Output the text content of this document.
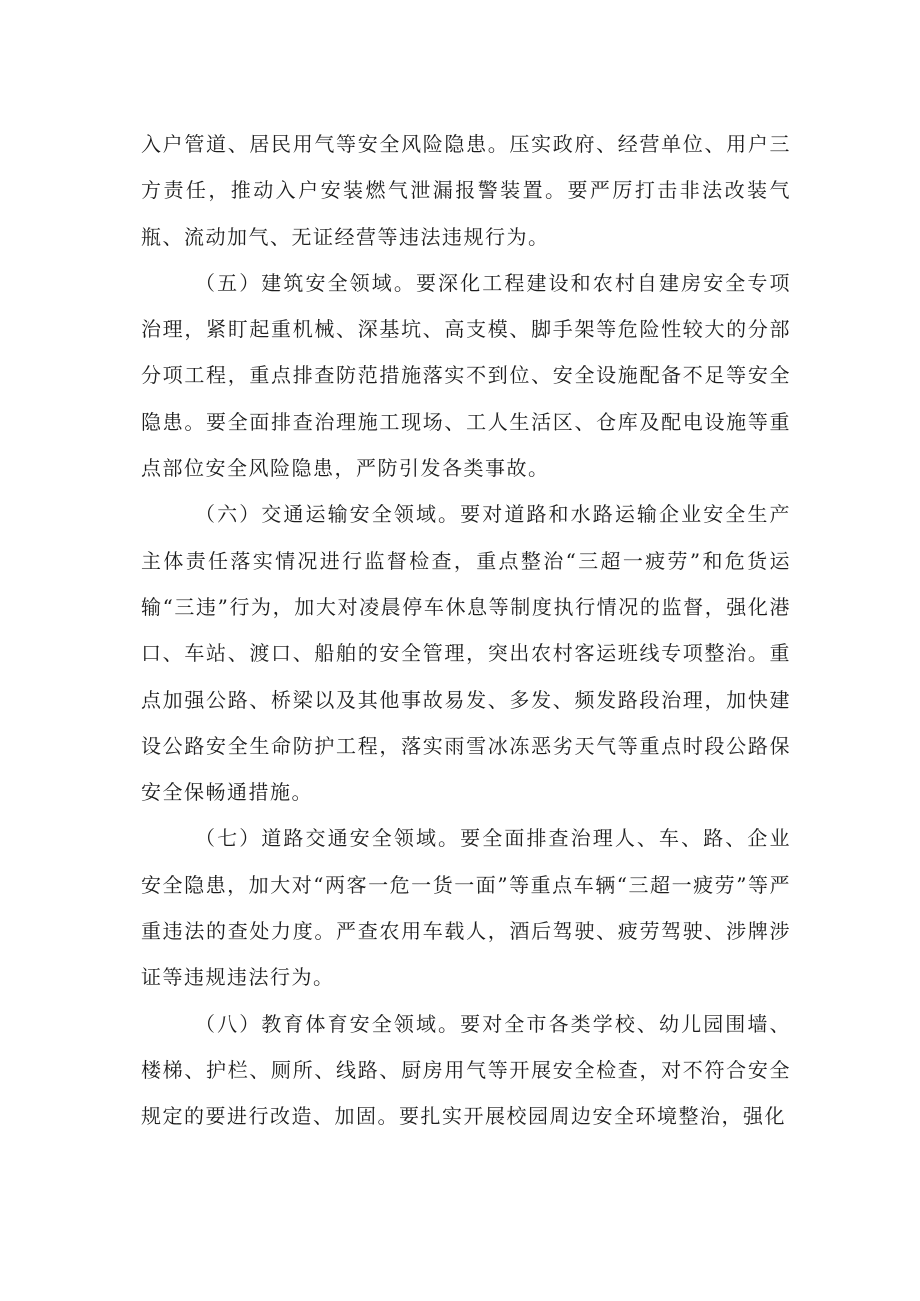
入户管道、居民用气等安全风险隐患。压实政府、经营单位、用户三方责任，推动入户安装燃气泄漏报警装置。要严厉打击非法改装气瓶、流动加气、无证经营等违法违规行为。

（五）建筑安全领域。要深化工程建设和农村自建房安全专项治理，紧盯起重机械、深基坑、高支模、脚手架等危险性较大的分部分项工程，重点排查防范措施落实不到位、安全设施配备不足等安全隐患。要全面排查治理施工现场、工人生活区、仓库及配电设施等重点部位安全风险隐患，严防引发各类事故。

（六）交通运输安全领域。要对道路和水路运输企业安全生产主体责任落实情况进行监督检查，重点整治“三超一疲劳”和危货运输“三违”行为，加大对凌晨停车休息等制度执行情况的监督，强化港口、车站、渡口、船舶的安全管理，突出农村客运班线专项整治。重点加强公路、桥梁以及其他事故易发、多发、频发路段治理，加快建设公路安全生命防护工程，落实雨雪冰冻恶劣天气等重点时段公路保安全保畅通措施。

（七）道路交通安全领域。要全面排查治理人、车、路、企业安全隐患，加大对“两客一危一货一面”等重点车辆“三超一疲劳”等严重违法的查处力度。严查农用车载人，酒后驾驶、疲劳驾驶、涉牌涉证等违规违法行为。

（八）教育体育安全领域。要对全市各类学校、幼儿园围墙、楼梯、护栏、厕所、线路、厨房用气等开展安全检查，对不符合安全规定的要进行改造、加固。要扎实开展校园周边安全环境整治，强化
